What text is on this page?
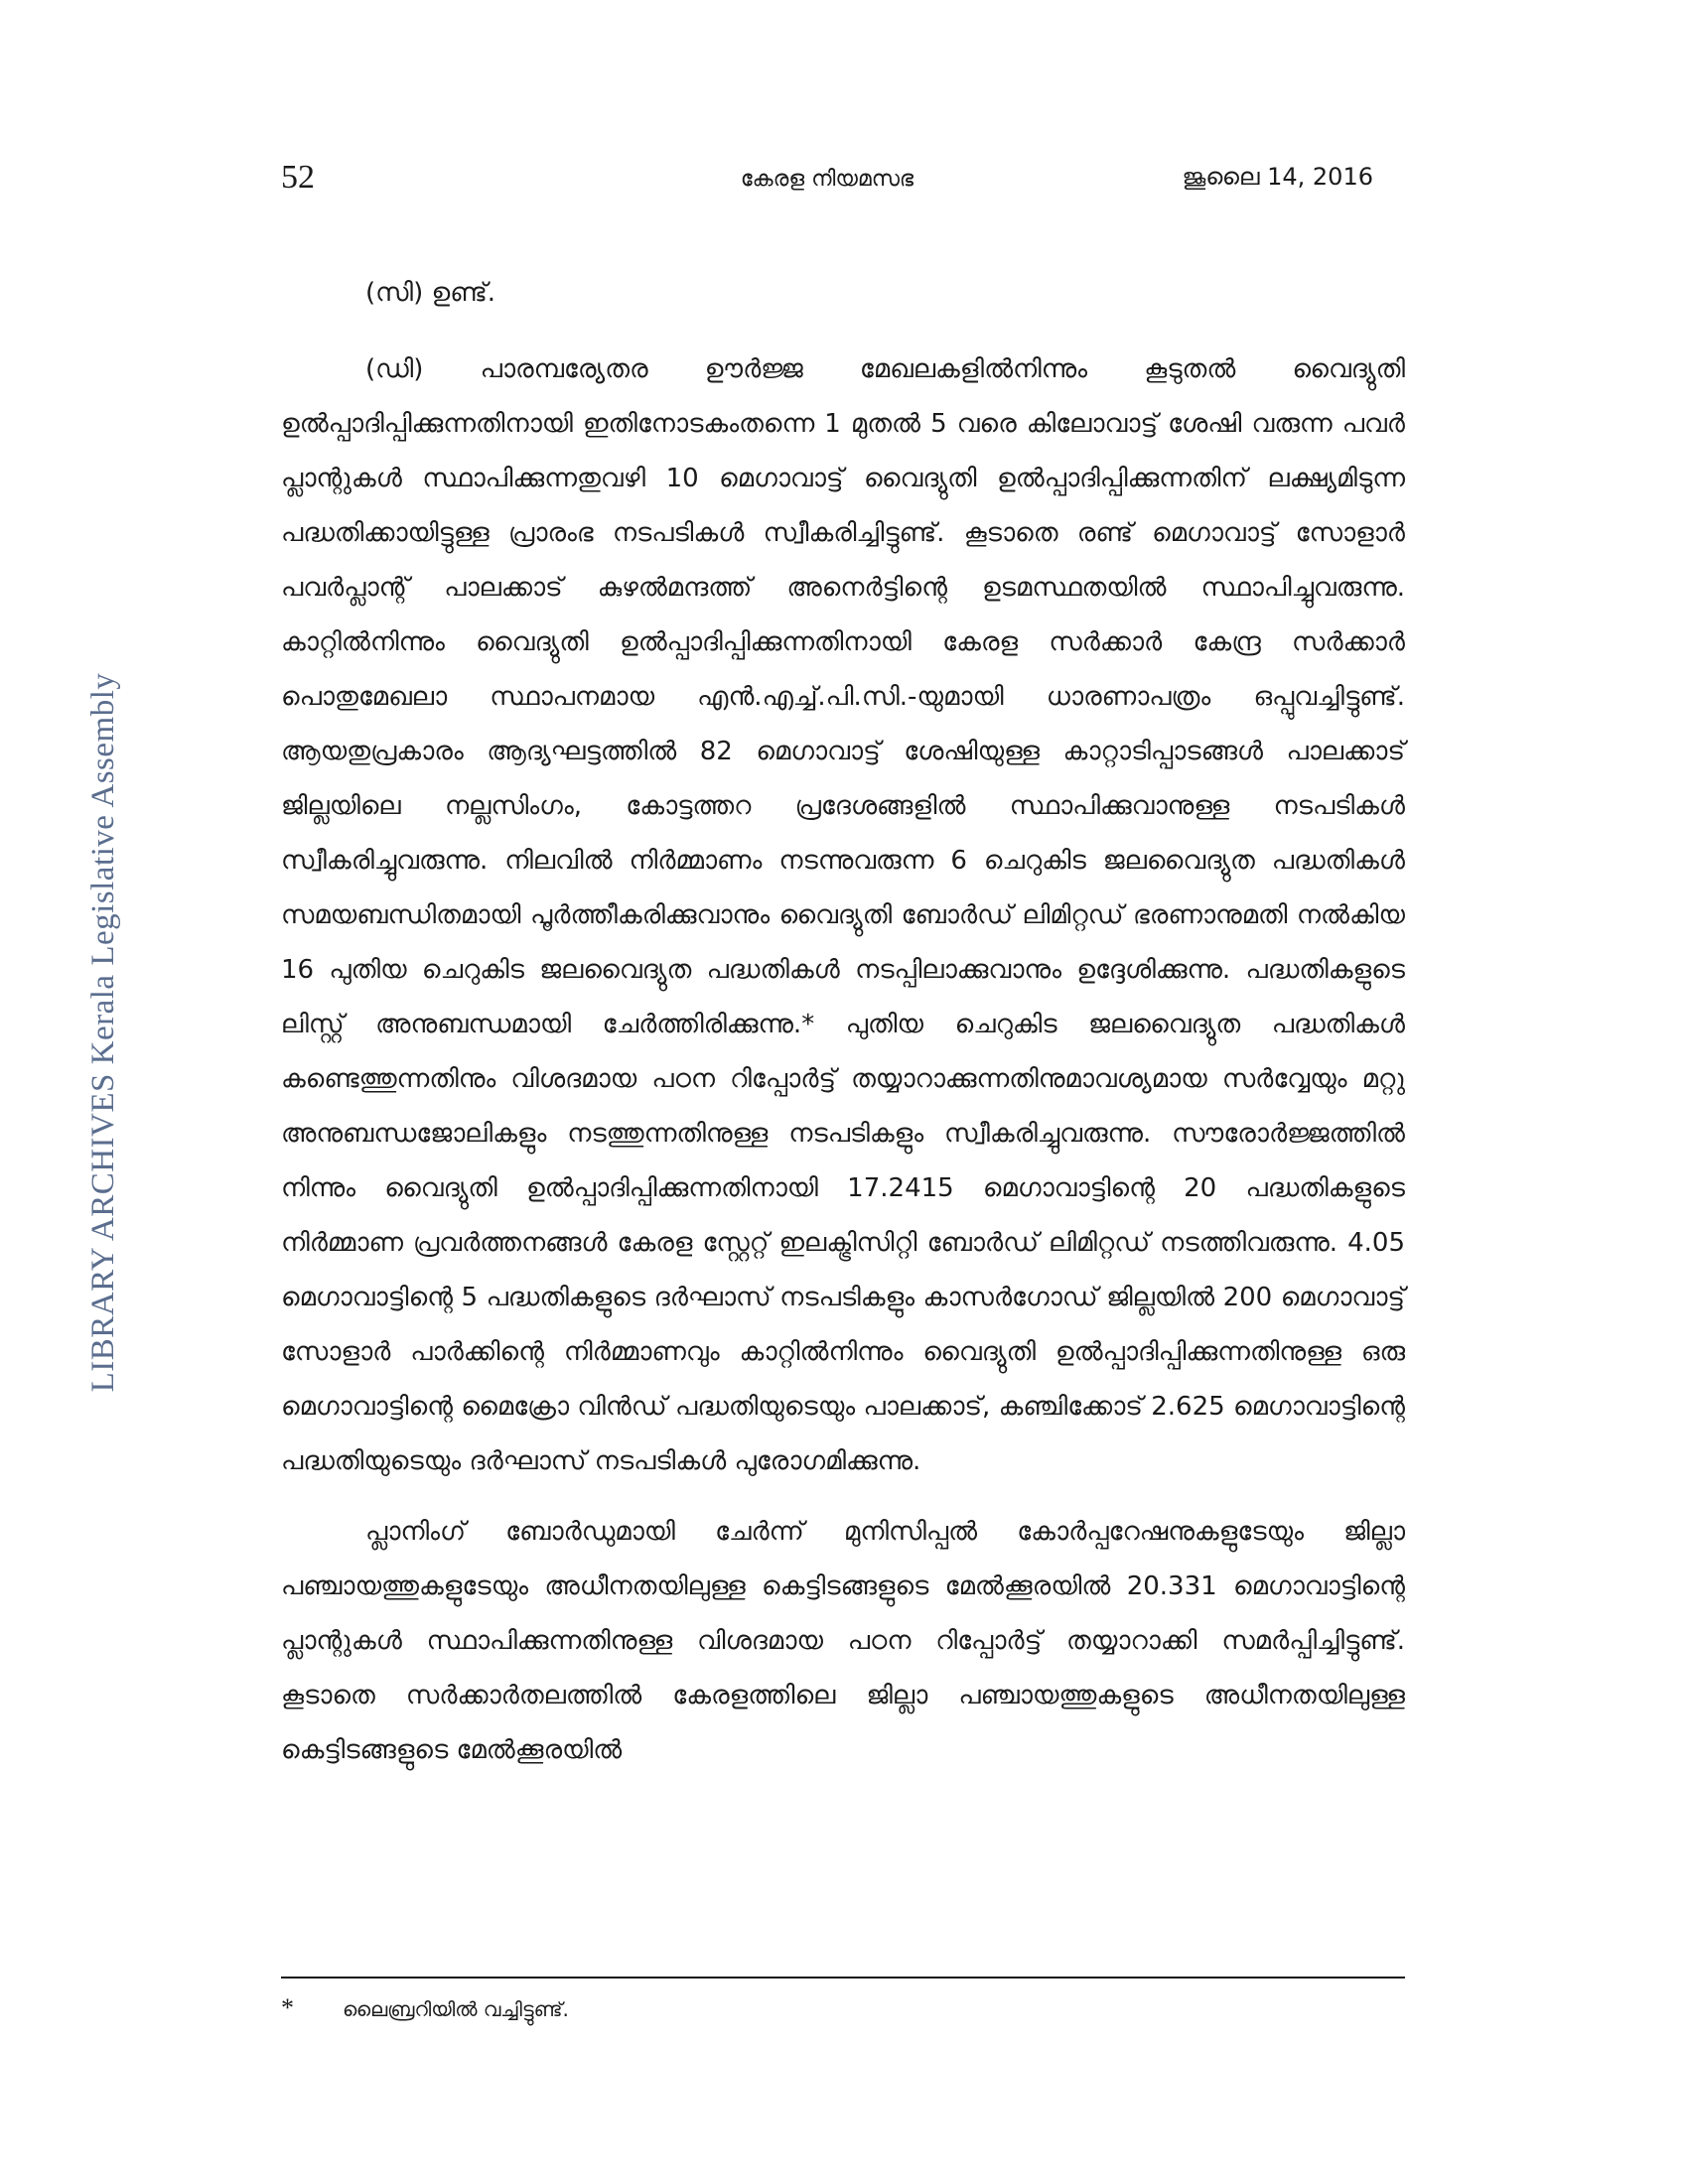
52	കേരള നിയമസഭ	ജൂലൈ 14, 2016
LIBRARY ARCHIVES Kerala Legislative Assembly

(സി) ഉണ്ട്.

(ഡി) പാരമ്പര്യേതര ഊർജ്ജ മേഖലകളിൽനിന്നും കൂടുതൽ വൈദ്യുതി ഉൽപ്പാദിപ്പിക്കുന്നതിനായി ഇതിനോടകംതന്നെ 1 മുതൽ 5 വരെ കിലോവാട്ട് ശേഷി വരുന്ന പവർ പ്ലാന്റുകൾ സ്ഥാപിക്കുന്നതുവഴി 10 മെഗാവാട്ട് വൈദ്യുതി ഉൽപ്പാദിപ്പിക്കുന്നതിന് ലക്ഷ്യമിടുന്ന പദ്ധതിക്കായിട്ടുള്ള പ്രാരംഭ നടപടികൾ സ്വീകരിച്ചിട്ടുണ്ട്. കൂടാതെ രണ്ട് മെഗാവാട്ട് സോളാർ പവർപ്ലാന്റ് പാലക്കാട് കുഴൽമന്ദത്ത് അനെർട്ടിന്റെ ഉടമസ്ഥതയിൽ സ്ഥാപിച്ചുവരുന്നു. കാറ്റിൽനിന്നും വൈദ്യുതി ഉൽപ്പാദിപ്പിക്കുന്നതിനായി കേരള സർക്കാർ കേന്ദ്ര സർക്കാർ പൊതുമേഖലാ സ്ഥാപനമായ എൻ.എച്ച്.പി.സി.-യുമായി ധാരണാപത്രം ഒപ്പുവച്ചിട്ടുണ്ട്. ആയതുപ്രകാരം ആദ്യഘട്ടത്തിൽ 82 മെഗാവാട്ട് ശേഷിയുള്ള കാറ്റാടിപ്പാടങ്ങൾ പാലക്കാട് ജില്ലയിലെ നല്ലസിംഗം, കോട്ടത്തറ പ്രദേശങ്ങളിൽ സ്ഥാപിക്കുവാനുള്ള നടപടികൾ സ്വീകരിച്ചുവരുന്നു. നിലവിൽ നിർമ്മാണം നടന്നുവരുന്ന 6 ചെറുകിട ജലവൈദ്യുത പദ്ധതികൾ സമയബന്ധിതമായി പൂർത്തീകരിക്കുവാനും വൈദ്യുതി ബോർഡ് ലിമിറ്റഡ് ഭരണാനുമതി നൽകിയ 16 പുതിയ ചെറുകിട ജലവൈദ്യുത പദ്ധതികൾ നടപ്പിലാക്കുവാനും ഉദ്ദേശിക്കുന്നു. പദ്ധതികളുടെ ലിസ്റ്റ് അനുബന്ധമായി ചേർത്തിരിക്കുന്നു.* പുതിയ ചെറുകിട ജലവൈദ്യുത പദ്ധതികൾ കണ്ടെത്തുന്നതിനും വിശദമായ പഠന റിപ്പോർട്ട് തയ്യാറാക്കുന്നതിനുമാവശ്യമായ സർവ്വേയും മറ്റു അനുബന്ധജോലികളും നടത്തുന്നതിനുള്ള നടപടികളും സ്വീകരിച്ചുവരുന്നു. സൗരോർജ്ജത്തിൽ നിന്നും വൈദ്യുതി ഉൽപ്പാദിപ്പിക്കുന്നതിനായി 17.2415 മെഗാവാട്ടിന്റെ 20 പദ്ധതികളുടെ നിർമ്മാണ പ്രവർത്തനങ്ങൾ കേരള സ്റ്റേറ്റ് ഇലക്ട്രിസിറ്റി ബോർഡ് ലിമിറ്റഡ് നടത്തിവരുന്നു. 4.05 മെഗാവാട്ടിന്റെ 5 പദ്ധതികളുടെ ദർഘാസ് നടപടികളും കാസർഗോഡ് ജില്ലയിൽ 200 മെഗാവാട്ട് സോളാർ പാർക്കിന്റെ നിർമ്മാണവും കാറ്റിൽനിന്നും വൈദ്യുതി ഉൽപ്പാദിപ്പിക്കുന്നതിനുള്ള ഒരു മെഗാവാട്ടിന്റെ മൈക്രോ വിൻഡ് പദ്ധതിയുടെയും പാലക്കാട്, കഞ്ചിക്കോട് 2.625 മെഗാവാട്ടിന്റെ പദ്ധതിയുടെയും ദർഘാസ് നടപടികൾ പുരോഗമിക്കുന്നു.

പ്ലാനിംഗ് ബോർഡുമായി ചേർന്ന് മുനിസിപ്പൽ കോർപ്പറേഷനുകളുടേയും ജില്ലാ പഞ്ചായത്തുകളുടേയും അധീനതയിലുള്ള കെട്ടിടങ്ങളുടെ മേൽക്കൂരയിൽ 20.331 മെഗാവാട്ടിന്റെ പ്ലാന്റുകൾ സ്ഥാപിക്കുന്നതിനുള്ള വിശദമായ പഠന റിപ്പോർട്ട് തയ്യാറാക്കി സമർപ്പിച്ചിട്ടുണ്ട്. കൂടാതെ സർക്കാർതലത്തിൽ കേരളത്തിലെ ജില്ലാ പഞ്ചായത്തുകളുടെ അധീനതയിലുള്ള കെട്ടിടങ്ങളുടെ മേൽക്കൂരയിൽ

* ലൈബ്രറിയിൽ വച്ചിട്ടുണ്ട്.
